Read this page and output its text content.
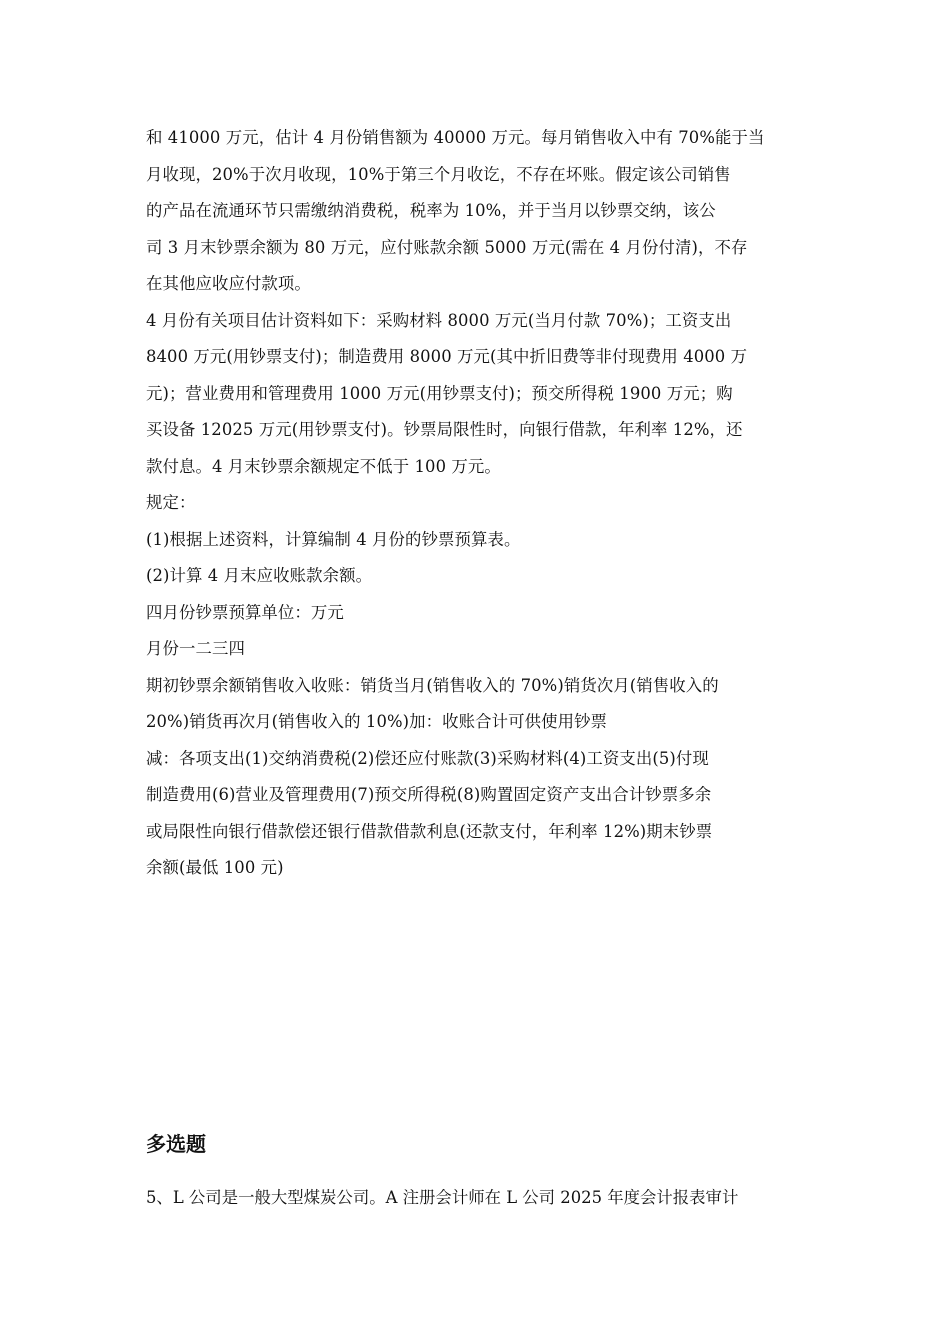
和 41000 万元，估计 4 月份销售额为 40000 万元。每月销售收入中有 70%能于当
月收现，20%于次月收现，10%于第三个月收讫，不存在坏账。假定该公司销售
的产品在流通环节只需缴纳消费税，税率为 10%，并于当月以钞票交纳，该公
司 3 月末钞票余额为 80 万元，应付账款余额 5000 万元(需在 4 月份付清)，不存
在其他应收应付款项。
4 月份有关项目估计资料如下：采购材料 8000 万元(当月付款 70%)；工资支出
8400 万元(用钞票支付)；制造费用 8000 万元(其中折旧费等非付现费用 4000 万
元)；营业费用和管理费用 1000 万元(用钞票支付)；预交所得税 1900 万元；购
买设备 12025 万元(用钞票支付)。钞票局限性时，向银行借款，年利率 12%，还
款付息。4 月末钞票余额规定不低于 100 万元。
规定：
(1)根据上述资料，计算编制 4 月份的钞票预算表。
(2)计算 4 月末应收账款余额。
四月份钞票预算单位：万元
月份一二三四
期初钞票余额销售收入收账：销货当月(销售收入的 70%)销货次月(销售收入的
20%)销货再次月(销售收入的 10%)加：收账合计可供使用钞票
减：各项支出(1)交纳消费税(2)偿还应付账款(3)采购材料(4)工资支出(5)付现
制造费用(6)营业及管理费用(7)预交所得税(8)购置固定资产支出合计钞票多余
或局限性向银行借款偿还银行借款借款利息(还款支付，年利率 12%)期末钞票
余额(最低 100 元)
多选题
5、L 公司是一般大型煤炭公司。A 注册会计师在 L 公司 2025 年度会计报表审计
